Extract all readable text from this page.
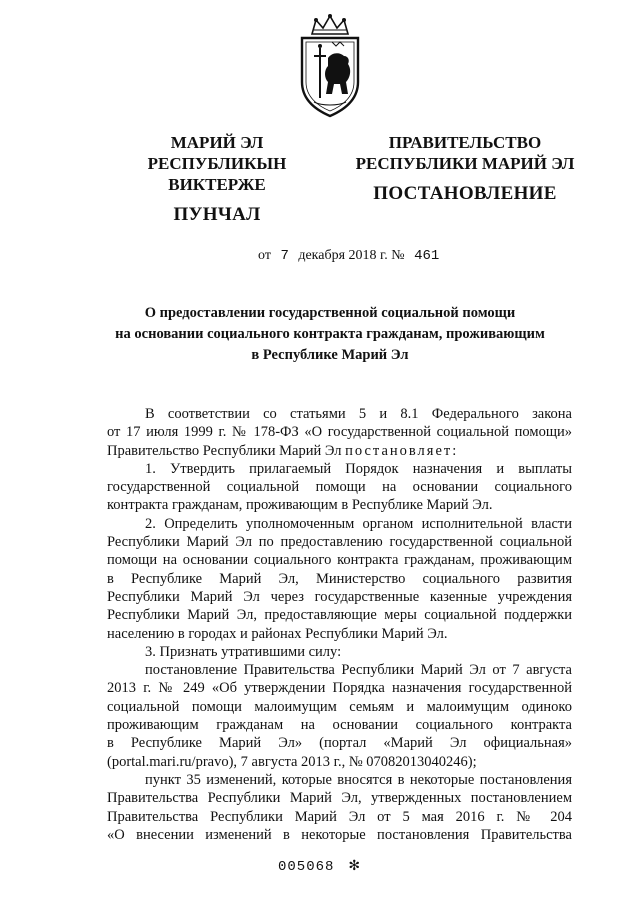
МАРИЙ ЭЛ РЕСПУБЛИКЫН
ВИКТЕРЖЕ
ПУНЧАЛ
ПРАВИТЕЛЬСТВО
РЕСПУБЛИКИ МАРИЙ ЭЛ
ПОСТАНОВЛЕНИЕ
от 7 декабря 2018 г. № 461
О предоставлении государственной социальной помощи
на основании социального контракта гражданам, проживающим
в Республике Марий Эл

В соответствии со статьями 5 и 8.1 Федерального закона

от 17 июля 1999 г. № 178-ФЗ «О государственной социальной помощи»

Правительство Республики Марий Эл постановляет:

1. Утвердить прилагаемый Порядок назначения и выплаты

государственной социальной помощи на основании социального

контракта гражданам, проживающим в Республике Марий Эл.

2. Определить уполномоченным органом исполнительной власти

Республики Марий Эл по предоставлению государственной социальной

помощи на основании социального контракта гражданам, проживающим

в Республике Марий Эл, Министерство социального развития

Республики Марий Эл через государственные казенные учреждения

Республики Марий Эл, предоставляющие меры социальной поддержки

населению в городах и районах Республики Марий Эл.

3. Признать утратившими силу:

постановление Правительства Республики Марий Эл от 7 августа

2013 г. № 249 «Об утверждении Порядка назначения государственной

социальной помощи малоимущим семьям и малоимущим одиноко

проживающим гражданам на основании социального контракта

в Республике Марий Эл» (портал «Марий Эл официальная»

(portal.mari.ru/pravo), 7 августа 2013 г., № 07082013040246);

пункт 35 изменений, которые вносятся в некоторые постановления

Правительства Республики Марий Эл, утвержденных постановлением

Правительства Республики Марий Эл от 5 мая 2016 г. № 204

«О внесении изменений в некоторые постановления Правительства

005068 ✻
